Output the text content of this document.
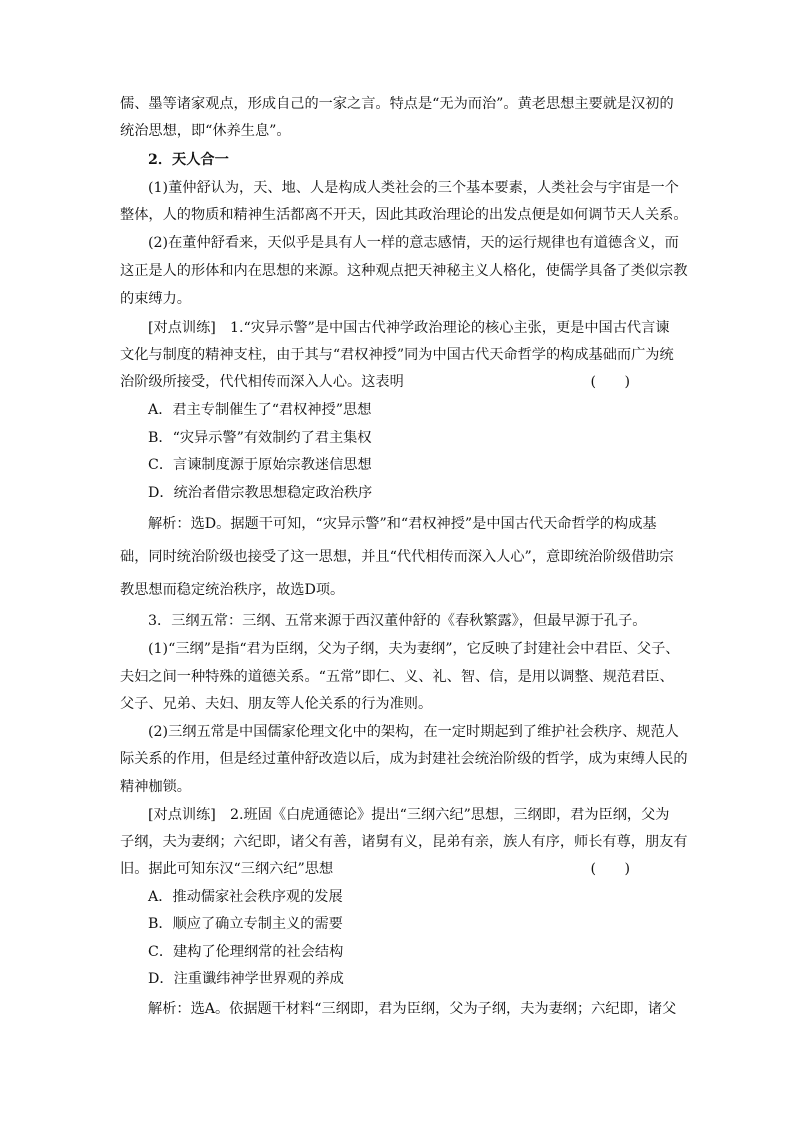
儒、墨等诸家观点，形成自己的一家之言。特点是“无为而治”。黄老思想主要就是汉初的
统治思想，即“休养生息”。
2．天人合一
(1)董仲舒认为，天、地、人是构成人类社会的三个基本要素，人类社会与宇宙是一个
整体，人的物质和精神生活都离不开天，因此其政治理论的出发点便是如何调节天人关系。
(2)在董仲舒看来，天似乎是具有人一样的意志感情，天的运行规律也有道德含义，而
这正是人的形体和内在思想的来源。这种观点把天神秘主义人格化，使儒学具备了类似宗教
的束缚力。
[对点训练]　1.“灾异示警”是中国古代神学政治理论的核心主张，更是中国古代言谏
文化与制度的精神支柱，由于其与“君权神授”同为中国古代天命哲学的构成基础而广为统
治阶级所接受，代代相传而深入人心。这表明	(　　)
A．君主专制催生了“君权神授”思想
B．“灾异示警”有效制约了君主集权
C．言谏制度源于原始宗教迷信思想
D．统治者借宗教思想稳定政治秩序
解析：选D。据题干可知，“灾异示警”和“君权神授”是中国古代天命哲学的构成基
础，同时统治阶级也接受了这一思想，并且“代代相传而深入人心”，意即统治阶级借助宗
教思想而稳定统治秩序，故选D项。
3．三纲五常：三纲、五常来源于西汉董仲舒的《春秋繁露》，但最早源于孔子。
(1)“三纲”是指“君为臣纲，父为子纲，夫为妻纲”，它反映了封建社会中君臣、父子、
夫妇之间一种特殊的道德关系。“五常”即仁、义、礼、智、信，是用以调整、规范君臣、
父子、兄弟、夫妇、朋友等人伦关系的行为准则。
(2)三纲五常是中国儒家伦理文化中的架构，在一定时期起到了维护社会秩序、规范人
际关系的作用，但是经过董仲舒改造以后，成为封建社会统治阶级的哲学，成为束缚人民的
精神枷锁。
[对点训练]　2.班固《白虎通德论》提出“三纲六纪”思想，三纲即，君为臣纲，父为
子纲，夫为妻纲；六纪即，诸父有善，诸舅有义，昆弟有亲，族人有序，师长有尊，朋友有
旧。据此可知东汉“三纲六纪”思想	(　　)
A．推动儒家社会秩序观的发展
B．顺应了确立专制主义的需要
C．建构了伦理纲常的社会结构
D．注重谶纬神学世界观的养成
解析：选A。依据题干材料“三纲即，君为臣纲，父为子纲，夫为妻纲；六纪即，诸父
